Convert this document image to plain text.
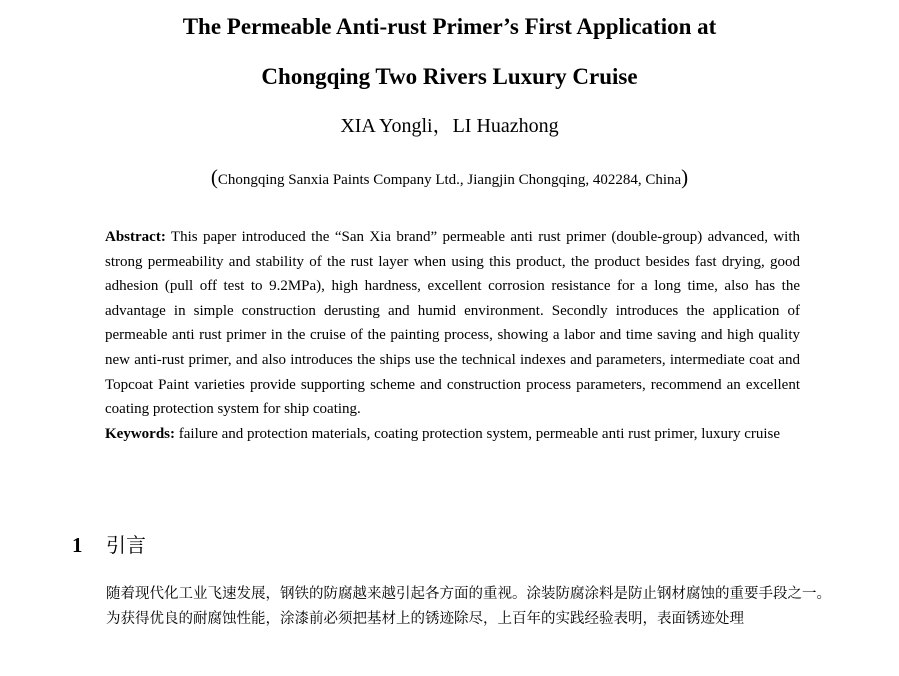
The Permeable Anti-rust Primer’s First Application at
Chongqing Two Rivers Luxury Cruise
XIA Yongli，LI Huazhong
(Chongqing Sanxia Paints Company Ltd., Jiangjin Chongqing, 402284, China)

Abstract: This paper introduced the “San Xia brand” permeable anti rust primer (double-group) advanced, with strong permeability and stability of the rust layer when using this product, the product besides fast drying, good adhesion (pull off test to 9.2MPa), high hardness, excellent corrosion resistance for a long time, also has the advantage in simple construction derusting and humid environment. Secondly introduces the application of permeable anti rust primer in the cruise of the painting process, showing a labor and time saving and high quality new anti-rust primer, and also introduces the ships use the technical indexes and parameters, intermediate coat and Topcoat Paint varieties provide supporting scheme and construction process parameters, recommend an excellent coating protection system for ship coating.

Keywords: failure and protection materials, coating protection system, permeable anti rust primer, luxury cruise

1 引言

随着现代化工业飞速发展，钢铁的防腐越来越引起各方面的重视。涂装防腐涂料是防止钢材腐蚀的重要手段之一。

为获得优良的耐腐蚀性能，涂漆前必须把基材上的锈迹除尽，上百年的实践经验表明，表面锈迹处理
